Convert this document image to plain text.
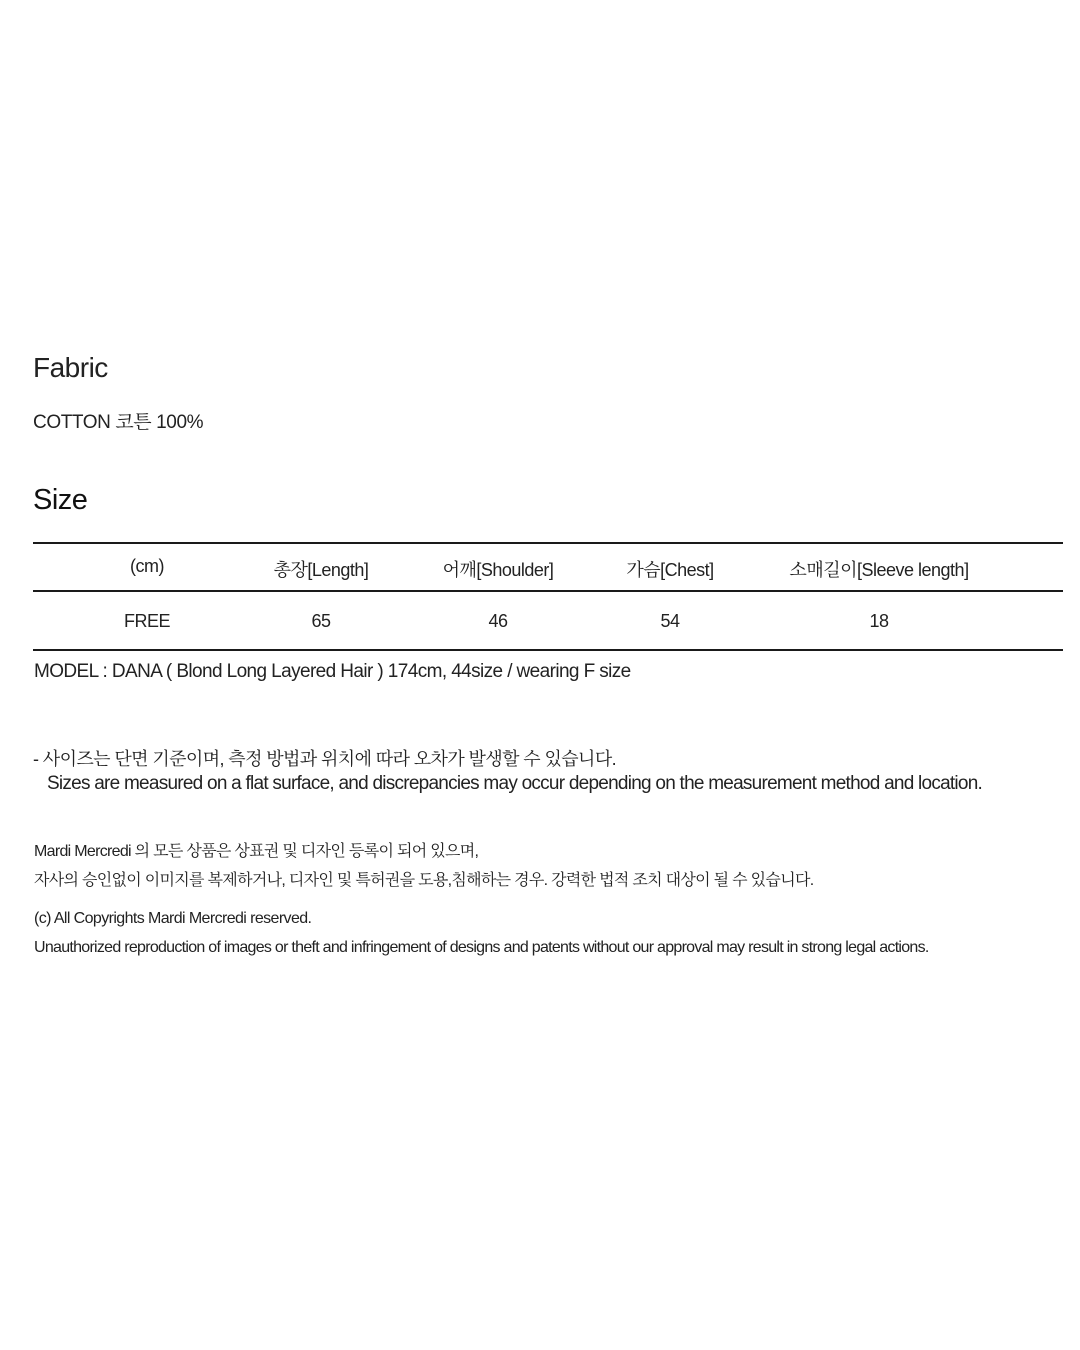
Fabric
COTTON 코튼 100%
Size
(cm)	총장[Length]	어깨[Shoulder]	가슴[Chest]	소매길이[Sleeve length]
FREE	65	46	54	18
MODEL : DANA ( Blond Long Layered Hair ) 174cm, 44size / wearing F size
- 사이즈는 단면 기준이며, 측정 방법과 위치에 따라 오차가 발생할 수 있습니다.
Sizes are measured on a flat surface, and discrepancies may occur depending on the measurement method and location.
Mardi Mercredi 의 모든 상품은 상표권 및 디자인 등록이 되어 있으며,
자사의 승인없이 이미지를 복제하거나, 디자인 및 특허권을 도용,침해하는 경우. 강력한 법적 조치 대상이 될 수 있습니다.
(c) All Copyrights Mardi Mercredi reserved.
Unauthorized reproduction of images or theft and infringement of designs and patents without our approval may result in strong legal actions.
